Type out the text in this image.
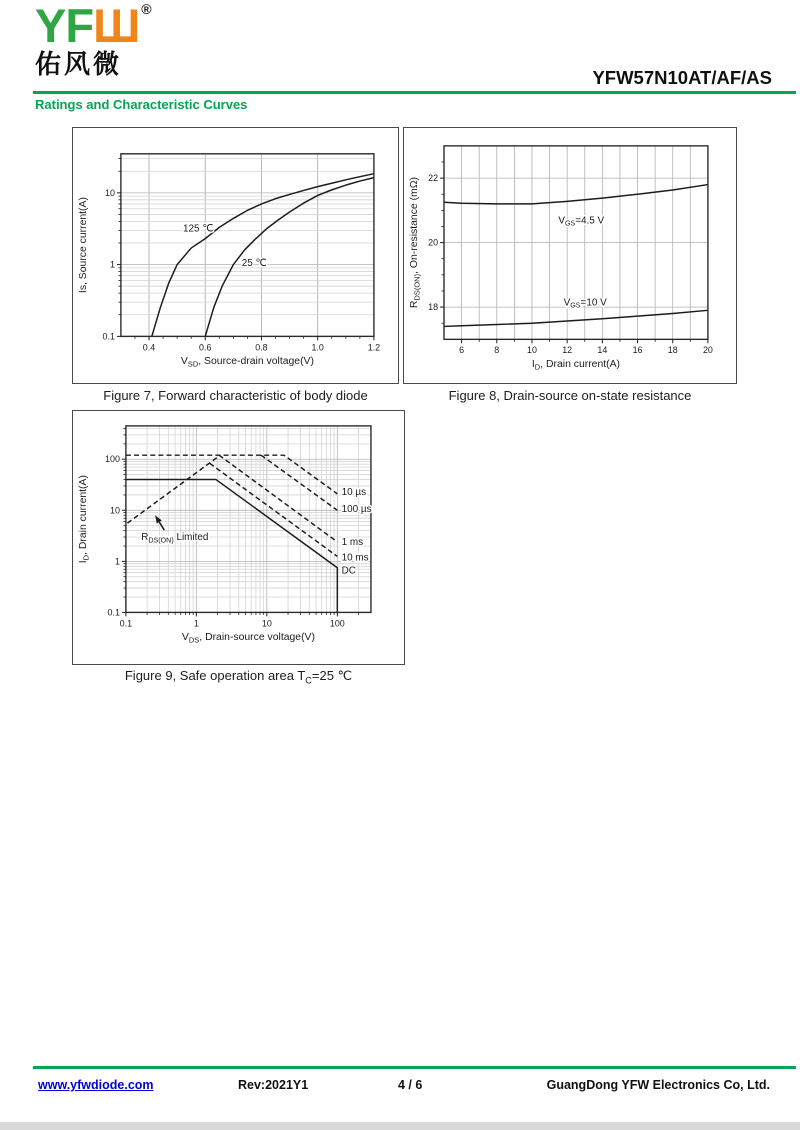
YFШ ®
佑风微	YFW57N10AT/AF/AS
Ratings and Characteristic Curves
0.4	0.6	0.8	1.0	1.2
0.1
1
10
$V_{SD}$, Source-drain voltage(V)
Is, Source current(A)	125 ℃
25 ℃
6	8	10	12	14	16	18	20
18
20
22
$I_D$, Drain current(A)
$R_{DS(ON)}$, On-resistance (mΩ)	$V_{GS}=4.5$ V
$V_{GS}=10$ V
Figure 7, Forward characteristic of body diode	Figure 8, Drain-source on-state resistance
0.1	1	10	100
0.1
1
10
100
$V_{DS}$, Drain-source voltage(V)
$I_D$, Drain current(A)	10 µs
100 µs
1 ms
10 ms
DC
$R_{DS(ON)}$ Limited
Figure 9, Safe operation area $T_C=25$ ℃
www.yfwdiode.com	Rev:2021Y1	4 / 6	GuangDong YFW Electronics Co, Ltd.
